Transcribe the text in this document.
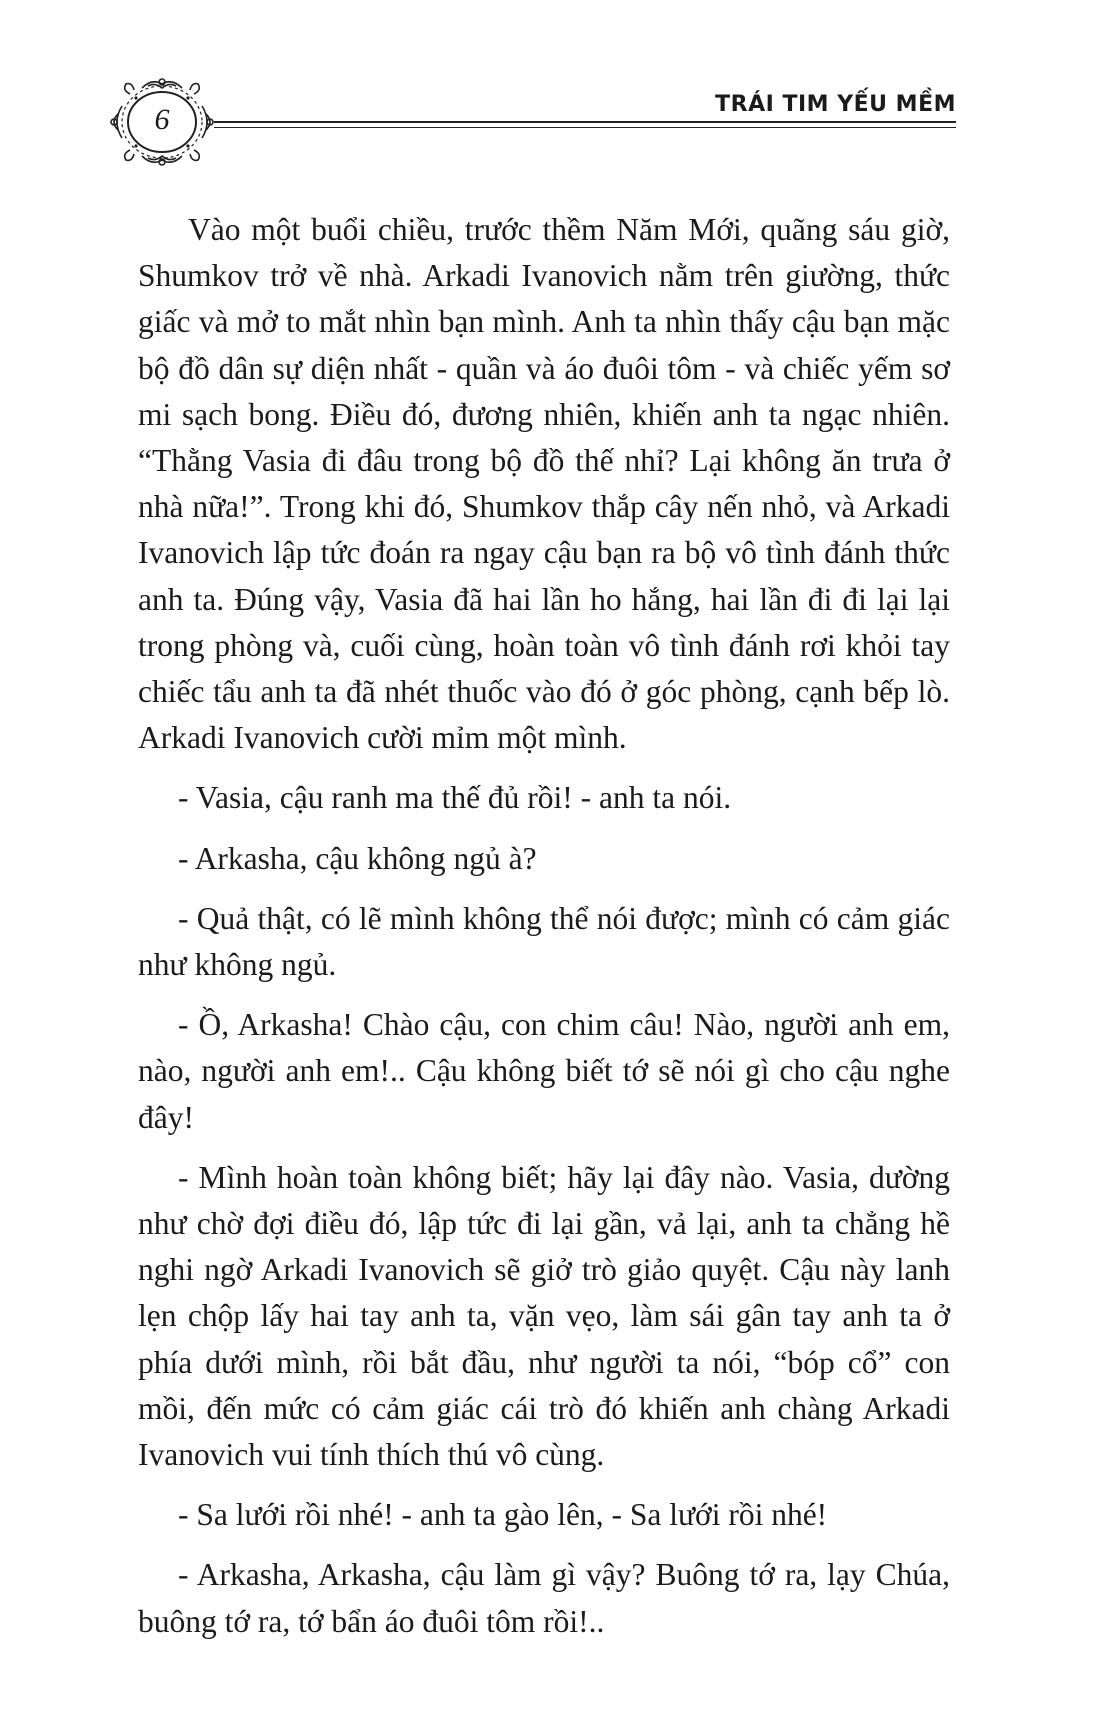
6	TRÁI TIM YẾU MỀM

Vào một buổi chiều, trước thềm Năm Mới, quãng sáu giờ, Shumkov trở về nhà. Arkadi Ivanovich nằm trên giường, thức giấc và mở to mắt nhìn bạn mình. Anh ta nhìn thấy cậu bạn mặc bộ đồ dân sự diện nhất - quần và áo đuôi tôm - và chiếc yếm sơ mi sạch bong. Điều đó, đương nhiên, khiến anh ta ngạc nhiên. “Thằng Vasia đi đâu trong bộ đồ thế nhỉ? Lại không ăn trưa ở nhà nữa!”. Trong khi đó, Shumkov thắp cây nến nhỏ, và Arkadi Ivanovich lập tức đoán ra ngay cậu bạn ra bộ vô tình đánh thức anh ta. Đúng vậy, Vasia đã hai lần ho hắng, hai lần đi đi lại lại trong phòng và, cuối cùng, hoàn toàn vô tình đánh rơi khỏi tay chiếc tẩu anh ta đã nhét thuốc vào đó ở góc phòng, cạnh bếp lò. Arkadi Ivanovich cười mỉm một mình.

- Vasia, cậu ranh ma thế đủ rồi! - anh ta nói.

- Arkasha, cậu không ngủ à?

- Quả thật, có lẽ mình không thể nói được; mình có cảm giác như không ngủ.

- Ồ, Arkasha! Chào cậu, con chim câu! Nào, người anh em, nào, người anh em!.. Cậu không biết tớ sẽ nói gì cho cậu nghe đây!

- Mình hoàn toàn không biết; hãy lại đây nào. Vasia, dường như chờ đợi điều đó, lập tức đi lại gần, vả lại, anh ta chẳng hề nghi ngờ Arkadi Ivanovich sẽ giở trò giảo quyệt. Cậu này lanh lẹn chộp lấy hai tay anh ta, vặn vẹo, làm sái gân tay anh ta ở phía dưới mình, rồi bắt đầu, như người ta nói, “bóp cổ” con mồi, đến mức có cảm giác cái trò đó khiến anh chàng Arkadi Ivanovich vui tính thích thú vô cùng.

- Sa lưới rồi nhé! - anh ta gào lên, - Sa lưới rồi nhé!

- Arkasha, Arkasha, cậu làm gì vậy? Buông tớ ra, lạy Chúa, buông tớ ra, tớ bẩn áo đuôi tôm rồi!..
